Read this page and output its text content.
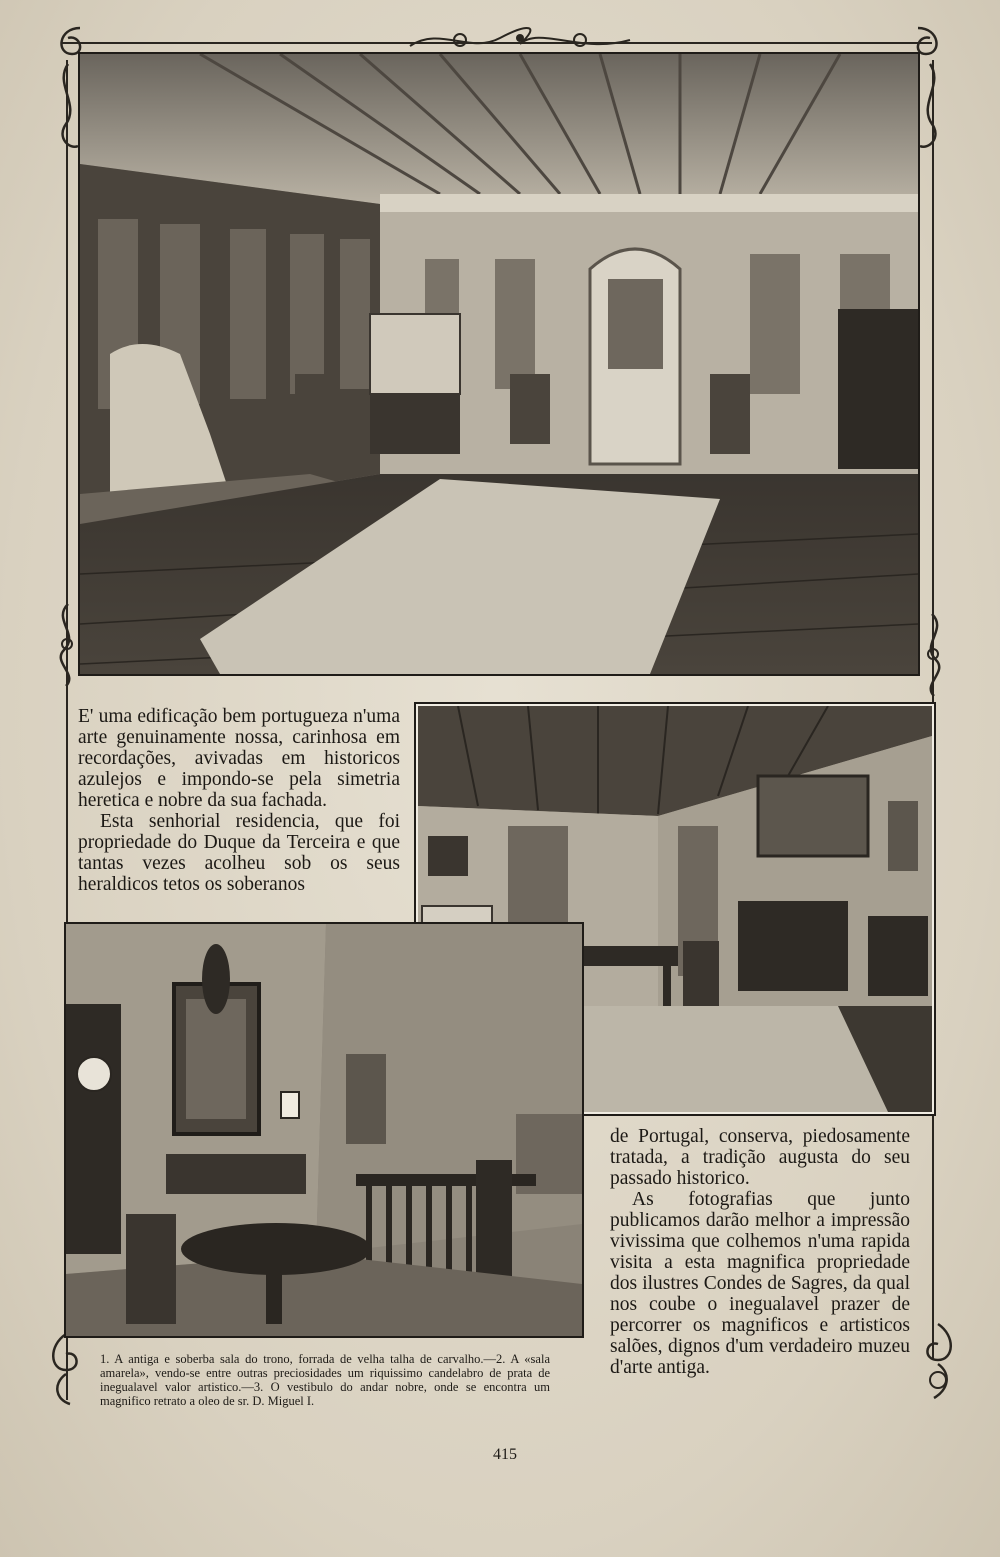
E' uma edificação bem portugueza n'uma arte genuinamente nossa, carinhosa em recordações, avivadas em historicos azulejos e impondo-se pela simetria heretica e nobre da sua fachada.

Esta senhorial residencia, que foi propriedade do Duque da Terceira e que tantas vezes acolheu sob os seus heraldicos tetos os soberanos

de Portugal, conserva, piedosamente tratada, a tradição augusta do seu passado historico.

As fotografias que junto publicamos darão melhor a impressão vivissima que colhemos n'uma rapida visita a esta magnifica propriedade dos ilustres Condes de Sagres, da qual nos coube o inegualavel prazer de percorrer os magnificos e artisticos salões, dignos d'um verdadeiro muzeu d'arte antiga.

1. A antiga e soberba sala do trono, forrada de velha talha de carvalho.—2. A «sala amarela», vendo-se entre outras preciosidades um riquissimo candelabro de prata de inegualavel valor artistico.—3. O vestibulo do andar nobre, onde se encontra um magnifico retrato a oleo de sr. D. Miguel I.
415
